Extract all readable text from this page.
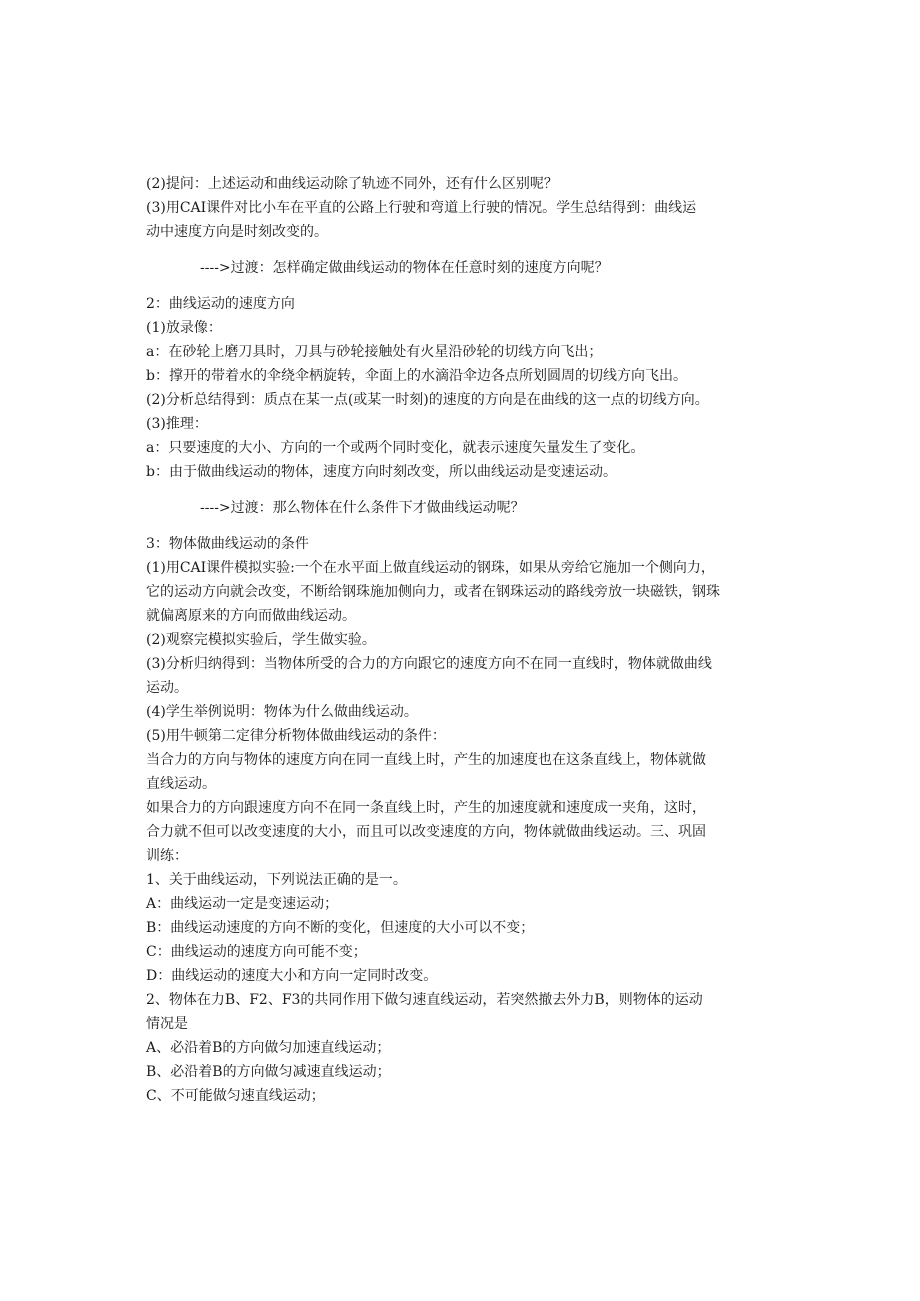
(2)提问：上述运动和曲线运动除了轨迹不同外，还有什么区别呢？

(3)用CAI课件对比小车在平直的公路上行驶和弯道上行驶的情况。学生总结得到：曲线运

动中速度方向是时刻改变的。

---->过渡：怎样确定做曲线运动的物体在任意时刻的速度方向呢？

2：曲线运动的速度方向

(1)放录像：

a：在砂轮上磨刀具时，刀具与砂轮接触处有火星沿砂轮的切线方向飞出；

b：撑开的带着水的伞绕伞柄旋转，伞面上的水滴沿伞边各点所划圆周的切线方向飞出。

(2)分析总结得到：质点在某一点(或某一时刻)的速度的方向是在曲线的这一点的切线方向。

(3)推理：

a：只要速度的大小、方向的一个或两个同时变化，就表示速度矢量发生了变化。

b：由于做曲线运动的物体，速度方向时刻改变，所以曲线运动是变速运动。

---->过渡：那么物体在什么条件下才做曲线运动呢？

3：物体做曲线运动的条件

(1)用CAI课件模拟实验:一个在水平面上做直线运动的钢珠，如果从旁给它施加一个侧向力，

它的运动方向就会改变，不断给钢珠施加侧向力，或者在钢珠运动的路线旁放一块磁铁，钢珠

就偏离原来的方向而做曲线运动。

(2)观察完模拟实验后，学生做实验。

(3)分析归纳得到：当物体所受的合力的方向跟它的速度方向不在同一直线时，物体就做曲线

运动。

(4)学生举例说明：物体为什么做曲线运动。

(5)用牛顿第二定律分析物体做曲线运动的条件：

当合力的方向与物体的速度方向在同一直线上时，产生的加速度也在这条直线上，物体就做

直线运动。

如果合力的方向跟速度方向不在同一条直线上时，产生的加速度就和速度成一夹角，这时，

合力就不但可以改变速度的大小，而且可以改变速度的方向，物体就做曲线运动。三、巩固

训练：

1、关于曲线运动，下列说法正确的是一。

A：曲线运动一定是变速运动；

B：曲线运动速度的方向不断的变化，但速度的大小可以不变；

C：曲线运动的速度方向可能不变；

D：曲线运动的速度大小和方向一定同时改变。

2、物体在力B、F2、F3的共同作用下做匀速直线运动，若突然撤去外力B，则物体的运动

情况是

A、必沿着B的方向做匀加速直线运动；

B、必沿着B的方向做匀减速直线运动；

C、不可能做匀速直线运动；
